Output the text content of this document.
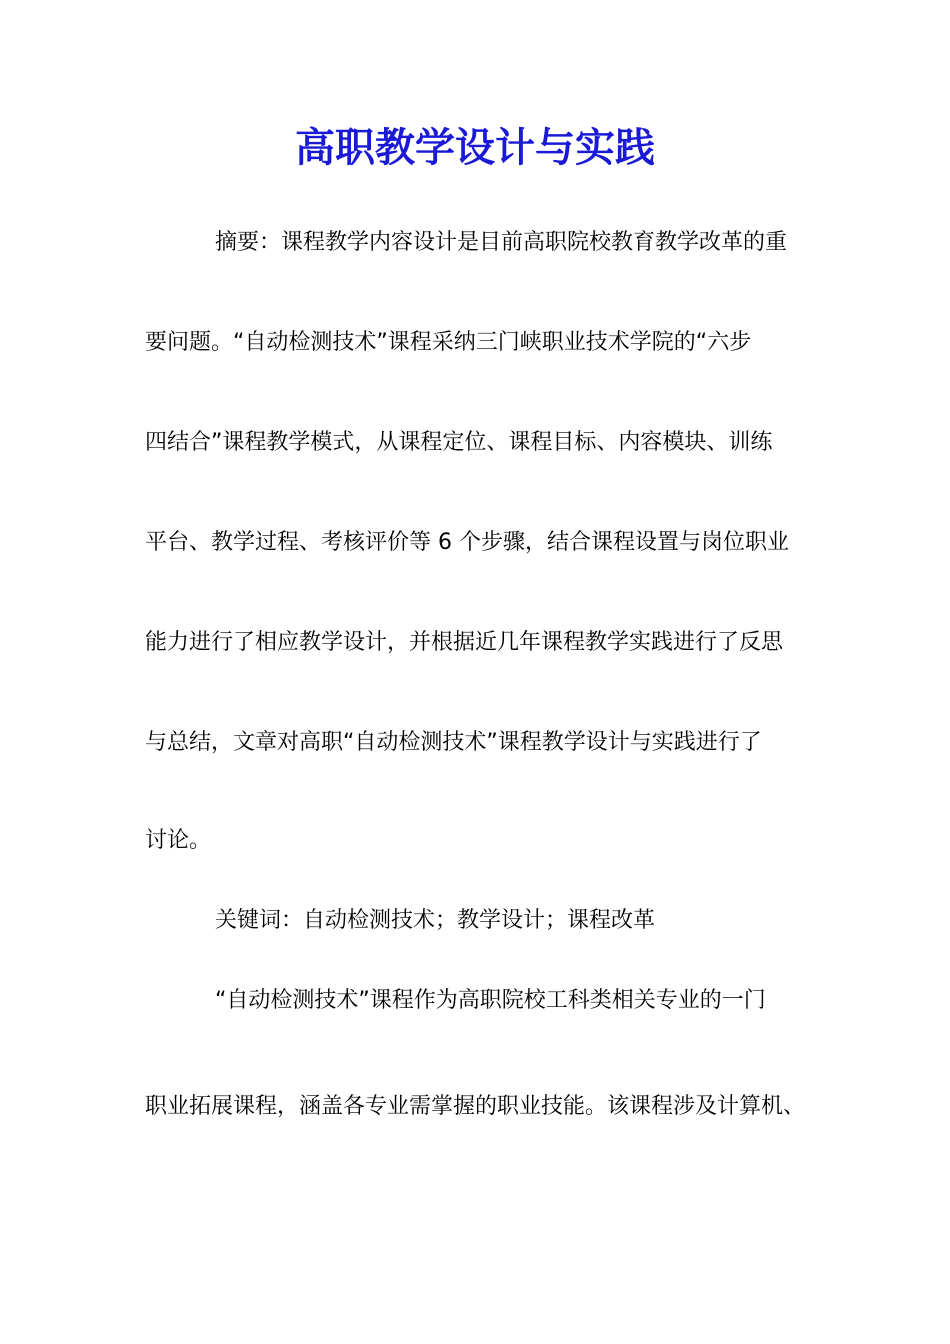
高职教学设计与实践
摘要：课程教学内容设计是目前高职院校教育教学改革的重
要问题。“自动检测技术”课程采纳三门峡职业技术学院的“六步
四结合”课程教学模式，从课程定位、课程目标、内容模块、训练
平台、教学过程、考核评价等 6 个步骤，结合课程设置与岗位职业
能力进行了相应教学设计，并根据近几年课程教学实践进行了反思
与总结，文章对高职“自动检测技术”课程教学设计与实践进行了
讨论。
关键词：自动检测技术；教学设计；课程改革
“自动检测技术”课程作为高职院校工科类相关专业的一门
职业拓展课程，涵盖各专业需掌握的职业技能。该课程涉及计算机、
